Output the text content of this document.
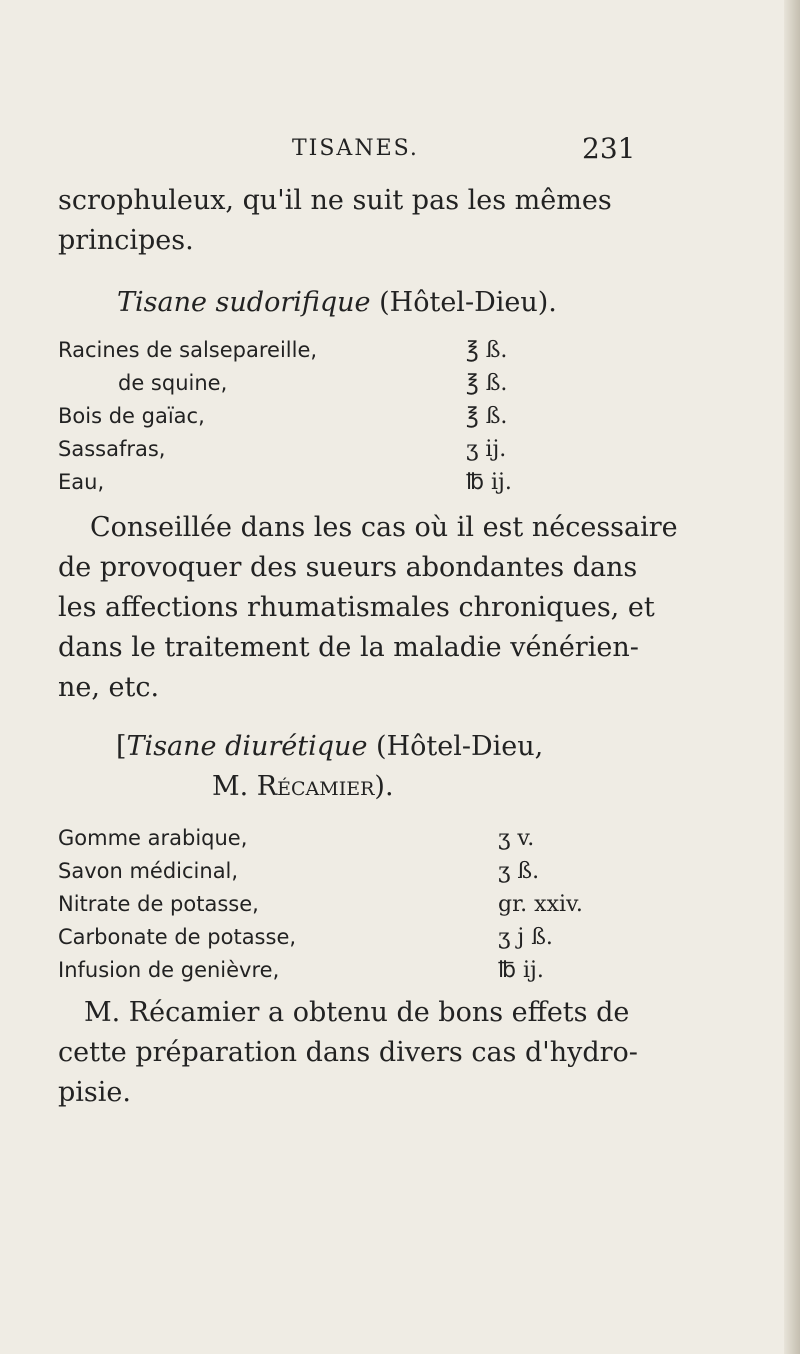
TISANES.	231
scrophuleux, qu'il ne suit pas les mêmes
principes.
Tisane sudorifique (Hôtel-Dieu).
Racines de salsepareille,	℥ ß.
de squine,	℥ ß.
Bois de gaïac,	℥ ß.
Sassafras,	ʒ ij.
Eau,	℔ ij.
Conseillée dans les cas où il est nécessaire
de provoquer des sueurs abondantes dans
les affections rhumatismales chroniques, et
dans le traitement de la maladie vénérien-
ne, etc.
[Tisane diurétique (Hôtel-Dieu,
M. Récamier).
Gomme arabique,	ʒ v.
Savon médicinal,	ʒ ß.
Nitrate de potasse,	gr. xxiv.
Carbonate de potasse,	ʒ j ß.
Infusion de genièvre,	℔ ij.
M. Récamier a obtenu de bons effets de
cette préparation dans divers cas d'hydro-
pisie.
